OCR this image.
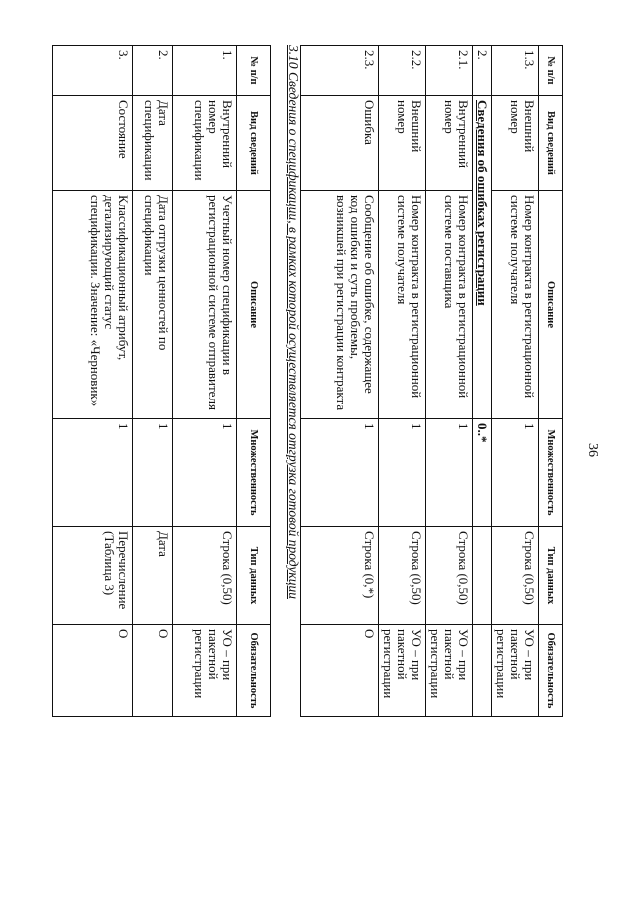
36
№ п/п	Вид сведений	Описание	Множественность	Тип данных	Обязательность
1.3.	Внешний номер	Номер контракта в регистрационной системе получателя	1	Строка (0,50)	УО – при пакетной регистрации
2.	Сведения об ошибках регистрации		0..*		
2.1.	Внутренний номер	Номер контракта в регистрационной системе поставщика	1	Строка (0,50)	УО – при пакетной регистрации
2.2.	Внешний номер	Номер контракта в регистрационной системе получателя	1	Строка (0,50)	УО – при пакетной регистрации
2.3.	Ошибка	Сообщение об ошибке, содержащее код ошибки и суть проблемы, возникшей при регистрации контракта	1	Строка (0,*)	О
3.10 Сведения о спецификации, в рамках которой осуществляется отгрузка готовой продукции
№ п/п	Вид сведений	Описание	Множественность	Тип данных	Обязательность
1.	Внутренний номер спецификации	Учетный номер спецификации в регистрационной системе отправителя	1	Строка (0,50)	УО – при пакетной регистрации
2.	Дата спецификации	Дата отгрузки ценностей по спецификации	1	Дата	О
3.	Состояние	Классификационный атрибут, детализирующий статус спецификации. Значение: «Черновик»	1	Перечисление (Таблица 3)	О
